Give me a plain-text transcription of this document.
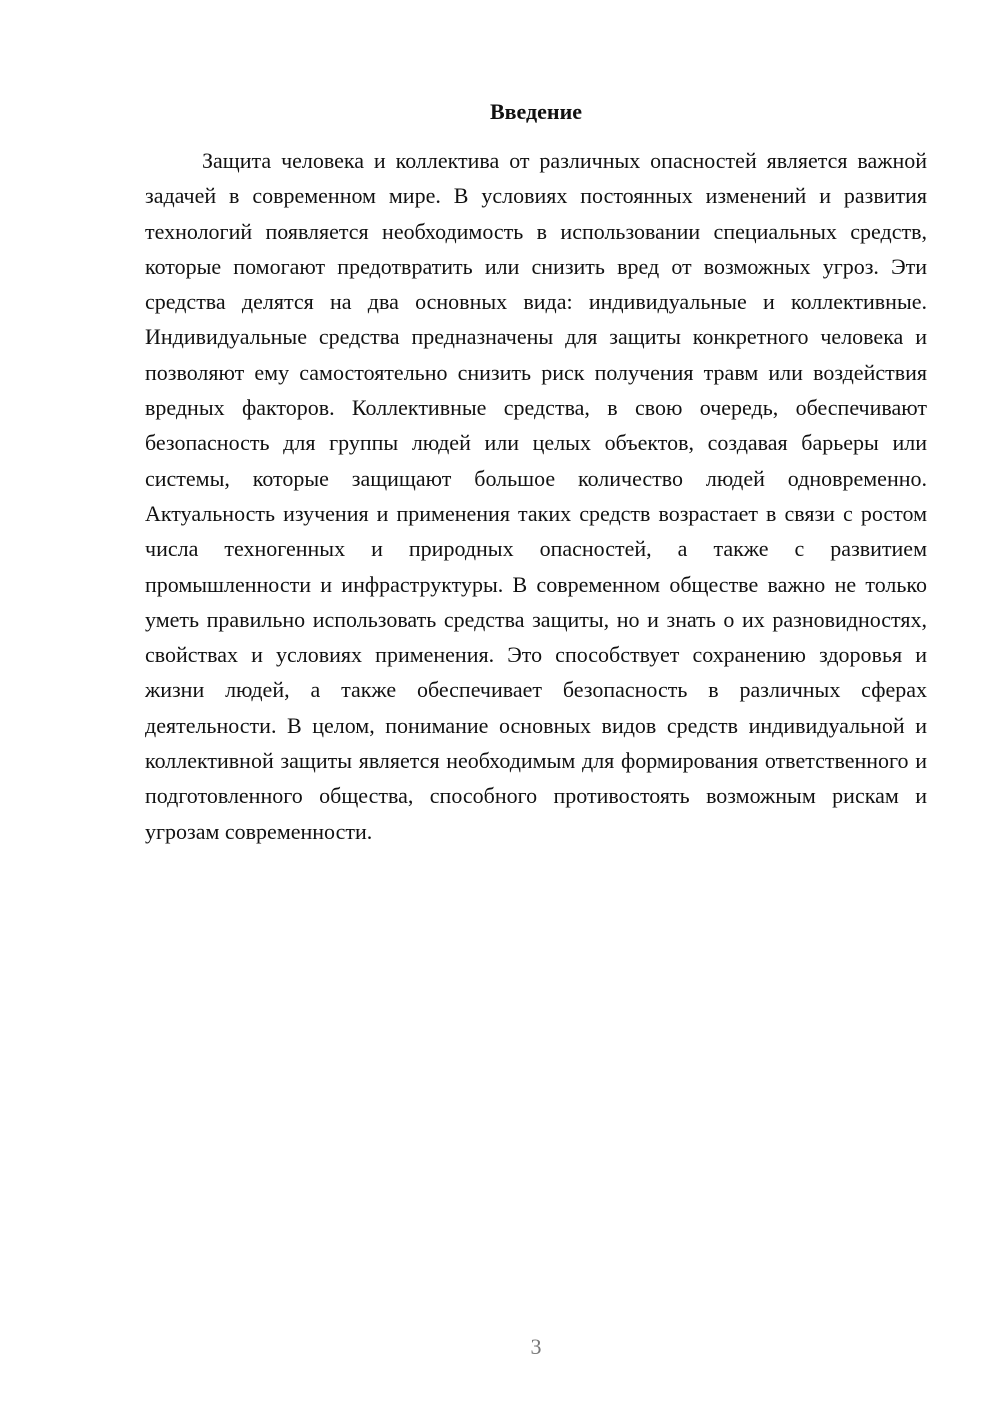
Введение

Защита человека и коллектива от различных опасностей является важной задачей в современном мире. В условиях постоянных изменений и развития технологий появляется необходимость в использовании специальных средств, которые помогают предотвратить или снизить вред от возможных угроз. Эти средства делятся на два основных вида: индивидуальные и коллективные. Индивидуальные средства предназначены для защиты конкретного человека и позволяют ему самостоятельно снизить риск получения травм или воздействия вредных факторов. Коллективные средства, в свою очередь, обеспечивают безопасность для группы людей или целых объектов, создавая барьеры или системы, которые защищают большое количество людей одновременно. Актуальность изучения и применения таких средств возрастает в связи с ростом числа техногенных и природных опасностей, а также с развитием промышленности и инфраструктуры. В современном обществе важно не только уметь правильно использовать средства защиты, но и знать о их разновидностях, свойствах и условиях применения. Это способствует сохранению здоровья и жизни людей, а также обеспечивает безопасность в различных сферах деятельности. В целом, понимание основных видов средств индивидуальной и коллективной защиты является необходимым для формирования ответственного и подготовленного общества, способного противостоять возможным рискам и угрозам современности.

3
